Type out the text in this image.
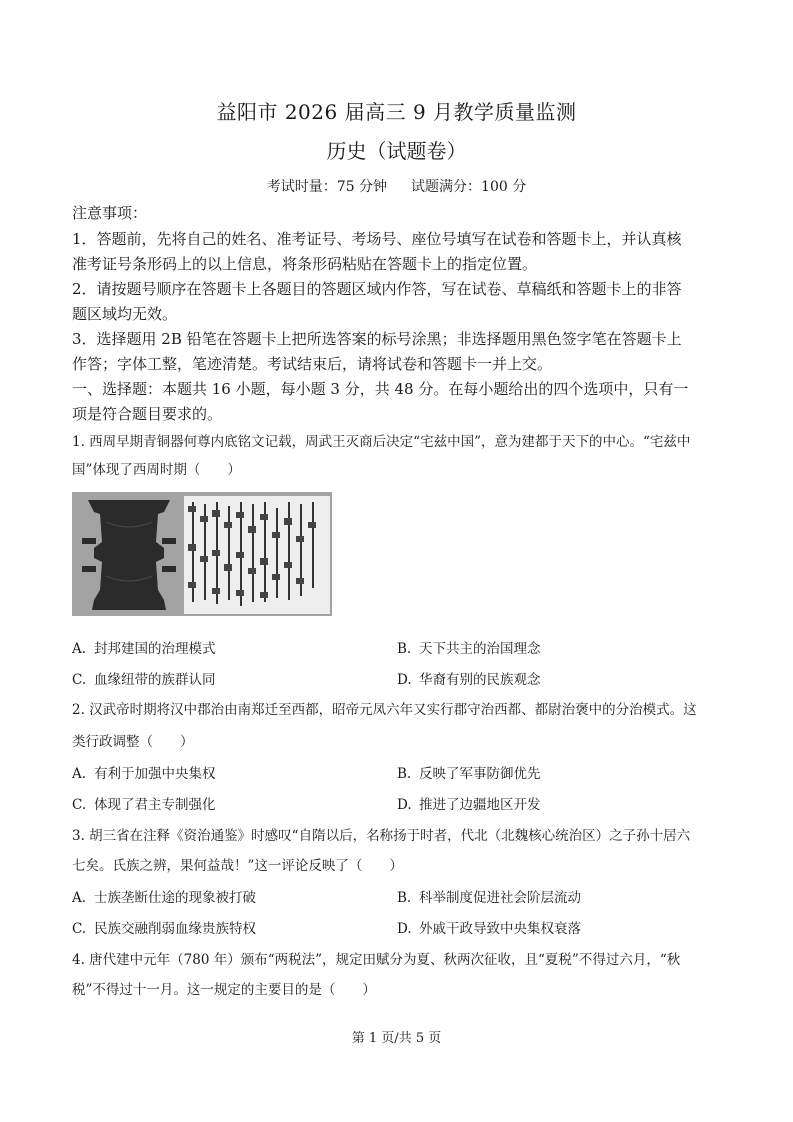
益阳市 2026 届高三 9 月教学质量监测
历史（试题卷）
考试时量：75 分钟 试题满分：100 分
注意事项：
1．答题前，先将自己的姓名、准考证号、考场号、座位号填写在试卷和答题卡上，并认真核
准考证号条形码上的以上信息，将条形码粘贴在答题卡上的指定位置。
2．请按题号顺序在答题卡上各题目的答题区域内作答，写在试卷、草稿纸和答题卡上的非答
题区域均无效。
3．选择题用 2B 铅笔在答题卡上把所选答案的标号涂黑；非选择题用黑色签字笔在答题卡上
作答；字体工整，笔迹清楚。考试结束后，请将试卷和答题卡一并上交。
一、选择题：本题共 16 小题，每小题 3 分，共 48 分。在每小题给出的四个选项中，只有一
项是符合题目要求的。
1. 西周早期青铜器何尊内底铭文记载，周武王灭商后决定“宅兹中国”，意为建都于天下的中心。“宅兹中
国”体现了西周时期（　　）
A. 封邦建国的治理模式	B. 天下共主的治国理念
C. 血缘纽带的族群认同	D. 华裔有别的民族观念
2. 汉武帝时期将汉中郡治由南郑迁至西都，昭帝元凤六年又实行郡守治西都、都尉治褒中的分治模式。这
类行政调整（　　）
A. 有利于加强中央集权	B. 反映了军事防御优先
C. 体现了君主专制强化	D. 推进了边疆地区开发
3. 胡三省在注释《资治通鉴》时感叹“自隋以后，名称扬于时者，代北（北魏核心统治区）之子孙十居六
七矣。氏族之辨，果何益哉！”这一评论反映了（　　）
A. 士族垄断仕途的现象被打破	B. 科举制度促进社会阶层流动
C. 民族交融削弱血缘贵族特权	D. 外戚干政导致中央集权衰落
4. 唐代建中元年（780 年）颁布“两税法”，规定田赋分为夏、秋两次征收，且“夏税”不得过六月，“秋
税”不得过十一月。这一规定的主要目的是（　　）
第 1 页/共 5 页
